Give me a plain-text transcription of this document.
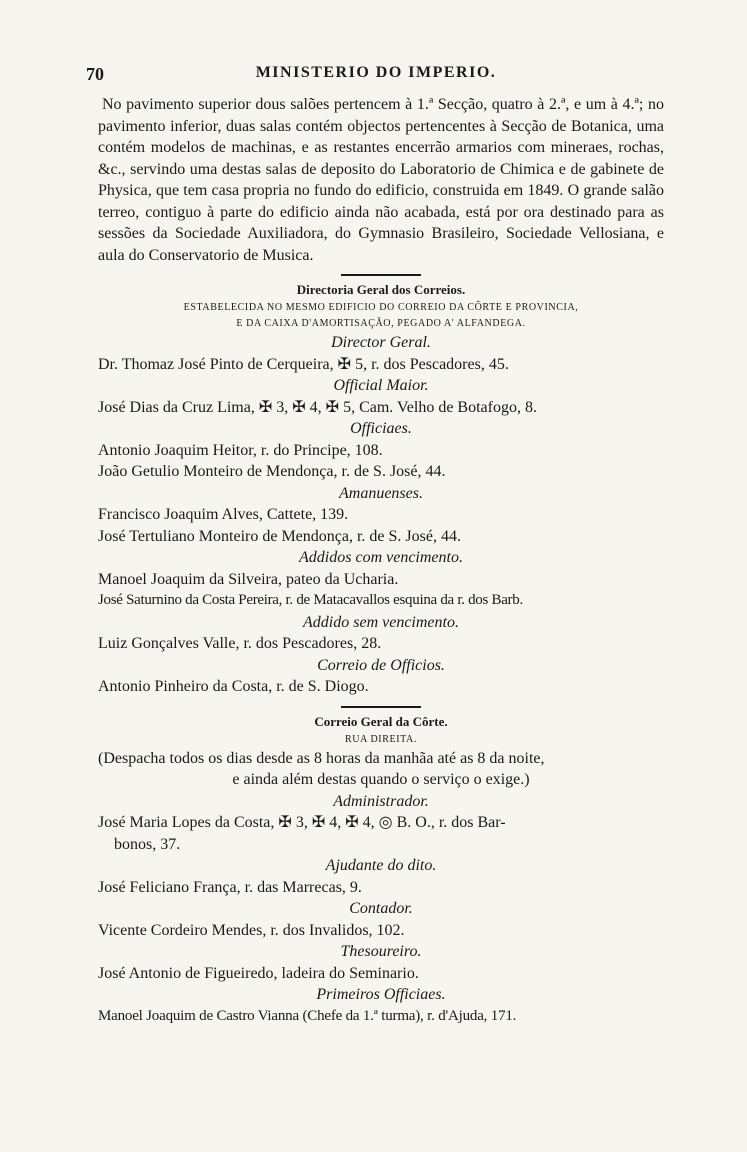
70	MINISTERIO DO IMPERIO.

No pavimento superior dous salões pertencem à 1.ª Secção, quatro à 2.ª, e um à 4.ª; no pavimento inferior, duas salas contém objectos pertencentes à Secção de Botanica, uma contém modelos de machinas, e as restantes encerrão armarios com mineraes, rochas, &c., servindo uma destas salas de deposito do Laboratorio de Chimica e de gabinete de Physica, que tem casa propria no fundo do edificio, construida em 1849. O grande salão terreo, contiguo à parte do edificio ainda não acabada, está por ora destinado para as sessões da Sociedade Auxiliadora, do Gymnasio Brasileiro, Sociedade Vellosiana, e aula do Conservatorio de Musica.

Directoria Geral dos Correios.

ESTABELECIDA NO MESMO EDIFICIO DO CORREIO DA CÔRTE E PROVINCIA,

E DA CAIXA D'AMORTISAÇÃO, PEGADO A' ALFANDEGA.

Director Geral.

Dr. Thomaz José Pinto de Cerqueira, ✠ 5, r. dos Pescadores, 45.

Official Maior.

José Dias da Cruz Lima, ✠ 3, ✠ 4, ✠ 5, Cam. Velho de Botafogo, 8.

Officiaes.

Antonio Joaquim Heitor, r. do Principe, 108.

João Getulio Monteiro de Mendonça, r. de S. José, 44.

Amanuenses.

Francisco Joaquim Alves, Cattete, 139.

José Tertuliano Monteiro de Mendonça, r. de S. José, 44.

Addidos com vencimento.

Manoel Joaquim da Silveira, pateo da Ucharia.

José Saturnino da Costa Pereira, r. de Matacavallos esquina da r. dos Barb.

Addido sem vencimento.

Luiz Gonçalves Valle, r. dos Pescadores, 28.

Correio de Officios.

Antonio Pinheiro da Costa, r. de S. Diogo.

Correio Geral da Côrte.

RUA DIREITA.

(Despacha todos os dias desde as 8 horas da manhãa até as 8 da noite,

e ainda além destas quando o serviço o exige.)

Administrador.

José Maria Lopes da Costa, ✠ 3, ✠ 4, ✠ 4, ◎ B. O., r. dos Bar-

bonos, 37.

Ajudante do dito.

José Feliciano França, r. das Marrecas, 9.

Contador.

Vicente Cordeiro Mendes, r. dos Invalidos, 102.

Thesoureiro.

José Antonio de Figueiredo, ladeira do Seminario.

Primeiros Officiaes.

Manoel Joaquim de Castro Vianna (Chefe da 1.ª turma), r. d'Ajuda, 171.
